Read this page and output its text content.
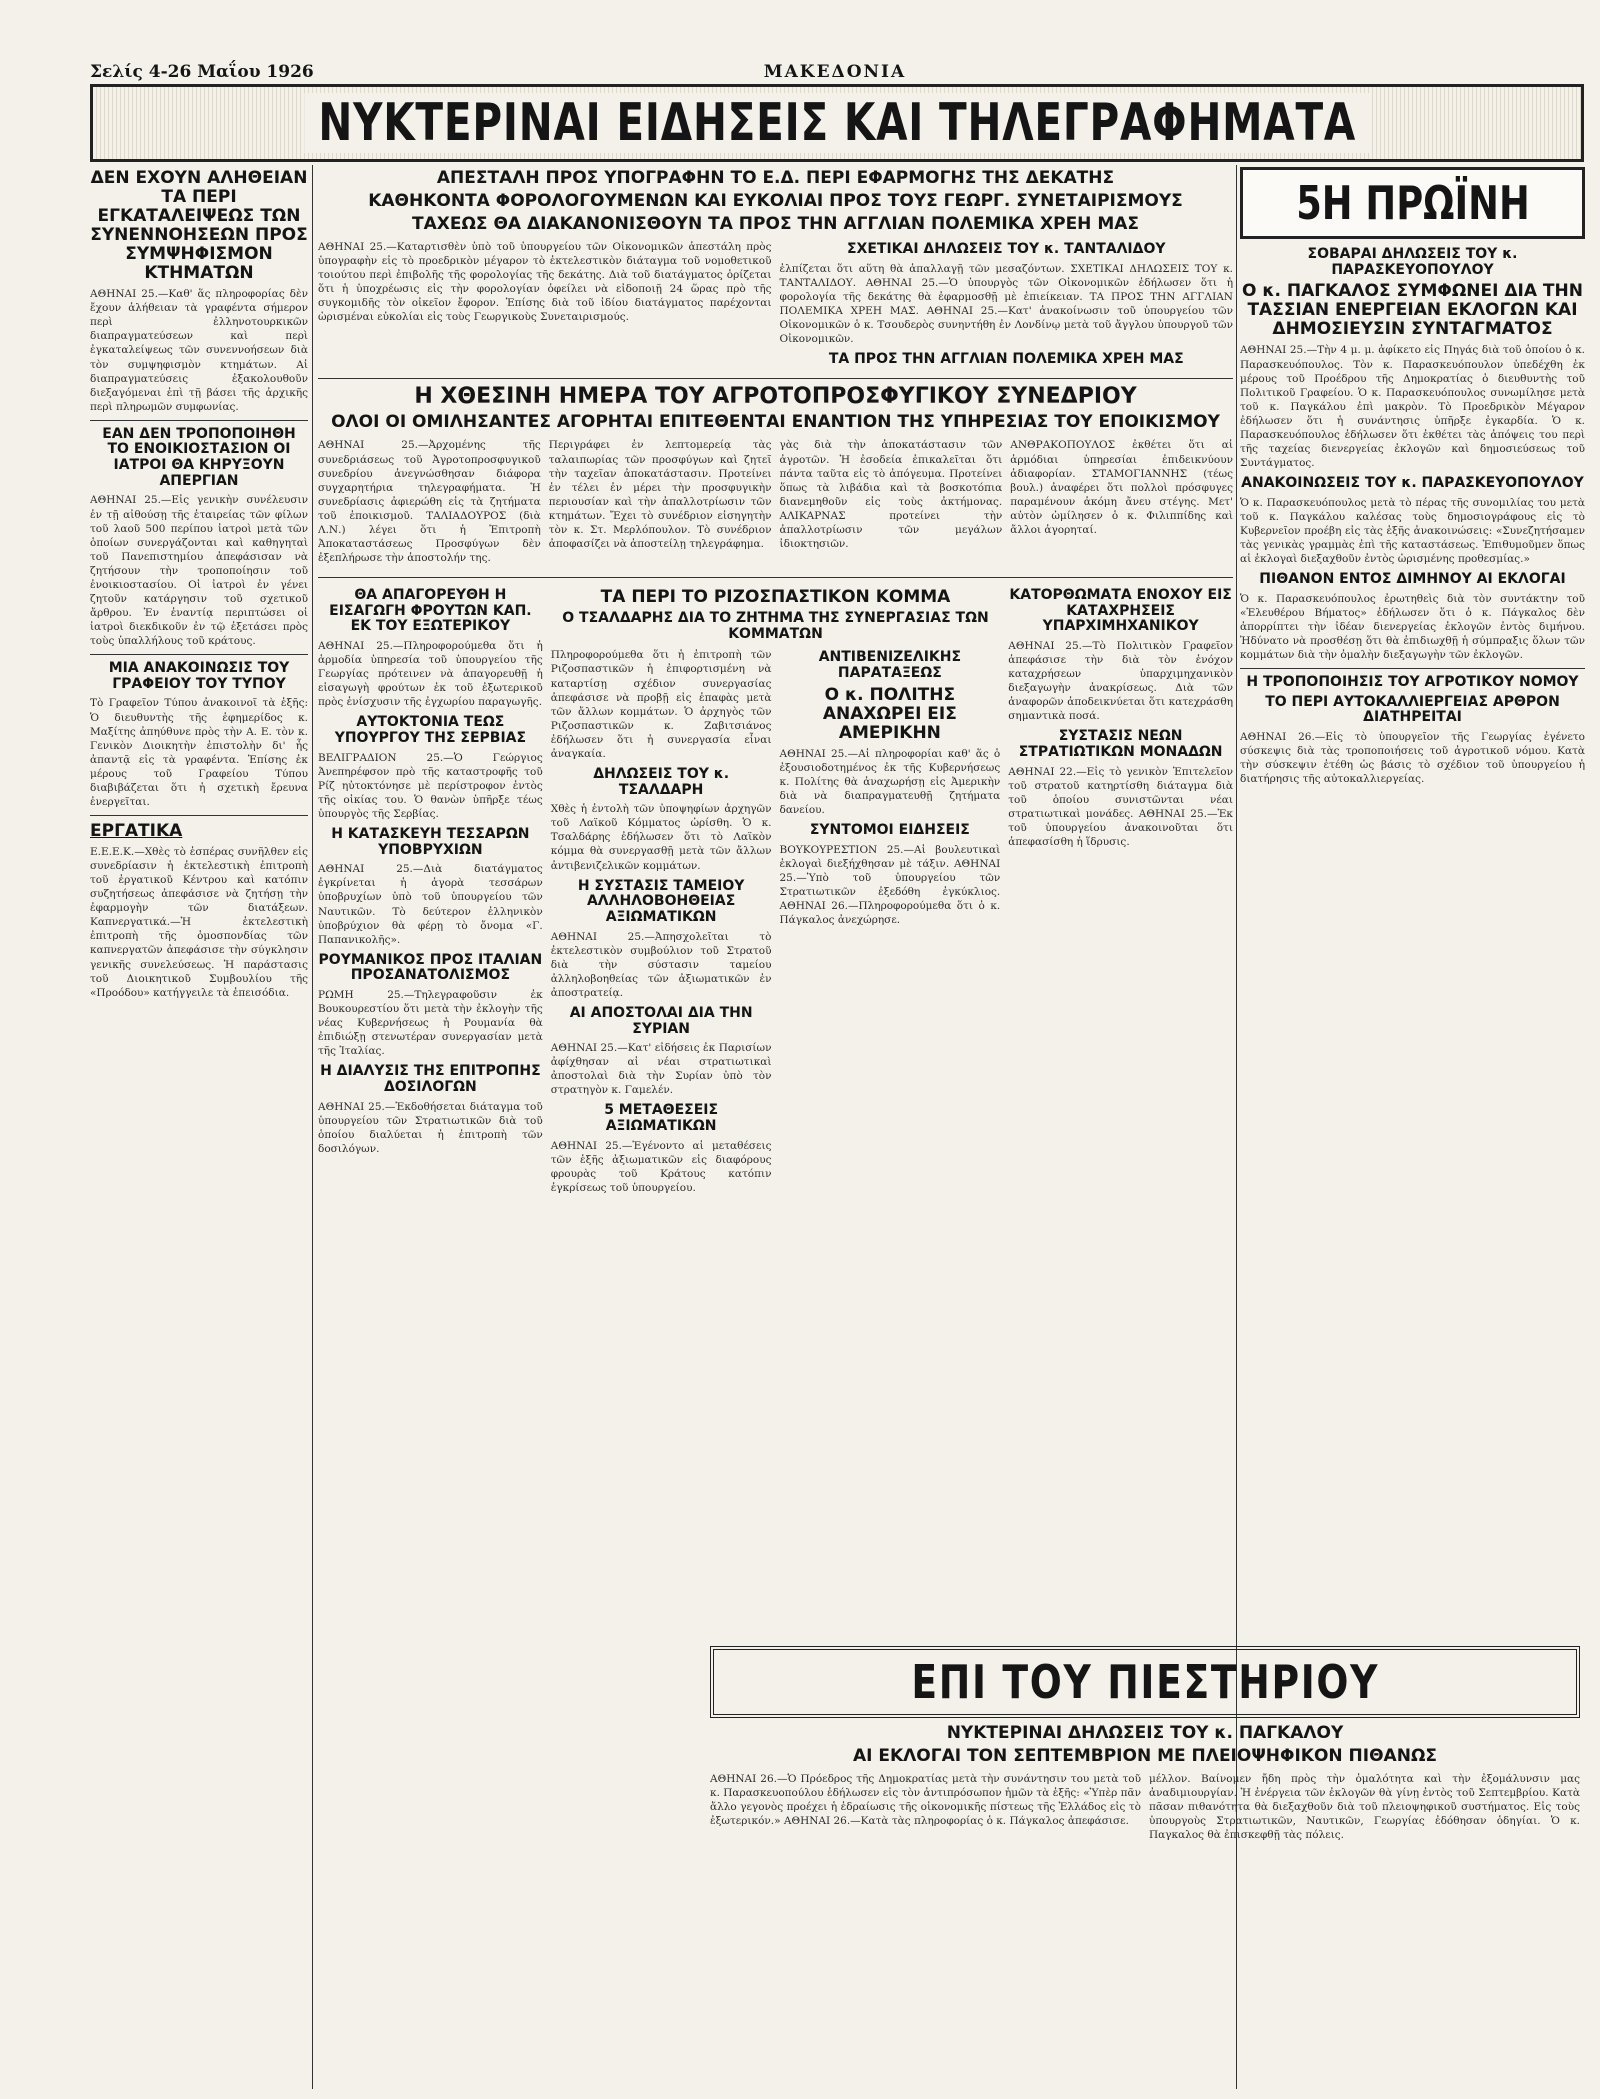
Σελίς 4-26 Μαΐου 1926	ΜΑΚΕΔΟΝΙΑ
ΝΥΚΤΕΡΙΝΑΙ ΕΙΔΗΣΕΙΣ ΚΑΙ ΤΗΛΕΓΡΑΦΗΜΑΤΑ
ΔΕΝ ΕΧΟΥΝ ΑΛΗΘΕΙΑΝ ΤΑ ΠΕΡΙ ΕΓΚΑΤΑΛΕΙΨΕΩΣ ΤΩΝ ΣΥΝΕΝΝΟΗΣΕΩΝ ΠΡΟΣ ΣΥΜΨΗΦΙΣΜΟΝ ΚΤΗΜΑΤΩΝ
ΑΘΗΝΑΙ 25.—Καθ' ἅς πληροφορίας δὲν ἔχουν ἀλήθειαν τὰ γραφέντα σήμερον περὶ ἐλληνοτουρκικῶν διαπραγματεύσεων καὶ περὶ ἐγκαταλείψεως τῶν συνεννοήσεων διὰ τὸν συμψηφισμὸν κτημάτων. Αἱ διαπραγματεύσεις ἐξακολουθοῦν διεξαγόμεναι ἐπὶ τῇ βάσει τῆς ἀρχικῆς περὶ πληρωμῶν συμφωνίας.
ΕΑΝ ΔΕΝ ΤΡΟΠΟΠΟΙΗΘΗ ΤΟ ΕΝΟΙΚΙΟΣΤΑΣΙΟΝ ΟΙ ΙΑΤΡΟΙ ΘΑ ΚΗΡΥΞΟΥΝ ΑΠΕΡΓΙΑΝ
ΑΘΗΝΑΙ 25.—Εἰς γενικὴν συνέλευσιν ἐν τῇ αἰθούσῃ τῆς ἑταιρείας τῶν φίλων τοῦ λαοῦ 500 περίπου ἰατροὶ μετὰ τῶν ὁποίων συνεργάζονται καὶ καθηγηταὶ τοῦ Πανεπιστημίου ἀπεφάσισαν νὰ ζητήσουν τὴν τροποποίησιν τοῦ ἐνοικιοστασίου. Οἱ ἰατροὶ ἐν γένει ζητοῦν κατάργησιν τοῦ σχετικοῦ ἄρθρου. Ἐν ἐναντίᾳ περιπτώσει οἱ ἰατροὶ διεκδικοῦν ἐν τῷ ἐξετάσει πρὸς τοὺς ὑπαλλήλους τοῦ κράτους.
ΜΙΑ ΑΝΑΚΟΙΝΩΣΙΣ ΤΟΥ ΓΡΑΦΕΙΟΥ ΤΟΥ ΤΥΠΟΥ
Τὸ Γραφεῖον Τύπου ἀνακοινοῖ τὰ ἑξῆς: Ὁ διευθυντὴς τῆς ἐφημερίδος κ. Μαξίτης ἀπηύθυνε πρὸς τὴν Α. Ε. τὸν κ. Γενικὸν Διοικητὴν ἐπιστολὴν δι' ἧς ἀπαντᾷ εἰς τὰ γραφέντα. Ἐπίσης ἐκ μέρους τοῦ Γραφείου Τύπου διαβιβάζεται ὅτι ἡ σχετικὴ ἔρευνα ἐνεργεῖται.
ΕΡΓΑΤΙΚΑ
Ε.Ε.Ε.Κ.—Χθὲς τὸ ἑσπέρας συνῆλθεν εἰς συνεδρίασιν ἡ ἐκτελεστικὴ ἐπιτροπὴ τοῦ ἐργατικοῦ Κέντρου καὶ κατόπιν συζητήσεως ἀπεφάσισε νὰ ζητήσῃ τὴν ἐφαρμογὴν τῶν διατάξεων. Καπνεργατικά.—Ἡ ἐκτελεστικὴ ἐπιτροπὴ τῆς ὁμοσπονδίας τῶν καπνεργατῶν ἀπεφάσισε τὴν σύγκλησιν γενικῆς συνελεύσεως. Ἡ παράστασις τοῦ Διοικητικοῦ Συμβουλίου τῆς «Προόδου» κατήγγειλε τὰ ἐπεισόδια.
ΑΠΕΣΤΑΛΗ ΠΡΟΣ ΥΠΟΓΡΑΦΗΝ ΤΟ Ε.Δ. ΠΕΡΙ ΕΦΑΡΜΟΓΗΣ ΤΗΣ ΔΕΚΑΤΗΣ
ΚΑΘΗΚΟΝΤΑ ΦΟΡΟΛΟΓΟΥΜΕΝΩΝ ΚΑΙ ΕΥΚΟΛΙΑΙ ΠΡΟΣ ΤΟΥΣ ΓΕΩΡΓ. ΣΥΝΕΤΑΙΡΙΣΜΟΥΣ
ΤΑΧΕΩΣ ΘΑ ΔΙΑΚΑΝΟΝΙΣΘΟΥΝ ΤΑ ΠΡΟΣ ΤΗΝ ΑΓΓΛΙΑΝ ΠΟΛΕΜΙΚΑ ΧΡΕΗ ΜΑΣ
ΑΘΗΝΑΙ 25.—Καταρτισθὲν ὑπὸ τοῦ ὑπουργείου τῶν Οἰκονομικῶν ἀπεστάλη πρὸς ὑπογραφὴν εἰς τὸ προεδρικὸν μέγαρον τὸ ἐκτελεστικὸν διάταγμα τοῦ νομοθετικοῦ τοιούτου περὶ ἐπιβολῆς τῆς φορολογίας τῆς δεκάτης. Διὰ τοῦ διατάγματος ὁρίζεται ὅτι ἡ ὑποχρέωσις εἰς τὴν φορολογίαν ὀφείλει νὰ εἰδοποιῇ 24 ὥρας πρὸ τῆς συγκομιδῆς τὸν οἰκεῖον ἔφορον. Ἐπίσης διὰ τοῦ ἰδίου διατάγματος παρέχονται ὡρισμέναι εὐκολίαι εἰς τοὺς Γεωργικοὺς Συνεταιρισμούς.
ΣΧΕΤΙΚΑΙ ΔΗΛΩΣΕΙΣ ΤΟΥ κ. ΤΑΝΤΑΛΙΔΟΥ
ἐλπίζεται ὅτι αὕτη θὰ ἀπαλλαγῇ τῶν μεσαζόντων. ΣΧΕΤΙΚΑΙ ΔΗΛΩΣΕΙΣ ΤΟΥ κ. ΤΑΝΤΑΛΙΔΟΥ. ΑΘΗΝΑΙ 25.—Ὁ ὑπουργὸς τῶν Οἰκονομικῶν ἐδήλωσεν ὅτι ἡ φορολογία τῆς δεκάτης θὰ ἐφαρμοσθῇ μὲ ἐπιείκειαν. ΤΑ ΠΡΟΣ ΤΗΝ ΑΓΓΛΙΑΝ ΠΟΛΕΜΙΚΑ ΧΡΕΗ ΜΑΣ. ΑΘΗΝΑΙ 25.—Κατ' ἀνακοίνωσιν τοῦ ὑπουργείου τῶν Οἰκονομικῶν ὁ κ. Τσουδερὸς συνηντήθη ἐν Λονδίνῳ μετὰ τοῦ ἄγγλου ὑπουργοῦ τῶν Οἰκονομικῶν.
ΤΑ ΠΡΟΣ ΤΗΝ ΑΓΓΛΙΑΝ ΠΟΛΕΜΙΚΑ ΧΡΕΗ ΜΑΣ
Η ΧΘΕΣΙΝΗ ΗΜΕΡΑ ΤΟΥ ΑΓΡΟΤΟΠΡΟΣΦΥΓΙΚΟΥ ΣΥΝΕΔΡΙΟΥ
ΟΛΟΙ ΟΙ ΟΜΙΛΗΣΑΝΤΕΣ ΑΓΟΡΗΤΑΙ ΕΠΙΤΕΘΕΝΤΑΙ ΕΝΑΝΤΙΟΝ ΤΗΣ ΥΠΗΡΕΣΙΑΣ ΤΟΥ ΕΠΟΙΚΙΣΜΟΥ
ΑΘΗΝΑΙ 25.—Ἀρχομένης τῆς συνεδριάσεως τοῦ Ἀγροτοπροσφυγικοῦ συνεδρίου ἀνεγνώσθησαν διάφορα συγχαρητήρια τηλεγραφήματα. Ἡ συνεδρίασις ἀφιερώθη εἰς τὰ ζητήματα τοῦ ἐποικισμοῦ. ΤΑΛΙΑΔΟΥΡΟΣ (διὰ Λ.Ν.) λέγει ὅτι ἡ Ἐπιτροπὴ Ἀποκαταστάσεως Προσφύγων δὲν ἐξεπλήρωσε τὴν ἀποστολήν της.
Περιγράφει ἐν λεπτομερείᾳ τὰς ταλαιπωρίας τῶν προσφύγων καὶ ζητεῖ τὴν ταχεῖαν ἀποκατάστασιν. Προτείνει ἐν τέλει ἐν μέρει τὴν προσφυγικὴν περιουσίαν καὶ τὴν ἀπαλλοτρίωσιν τῶν κτημάτων. Ἔχει τὸ συνέδριον εἰσηγητὴν τὸν κ. Στ. Μερλόπουλον. Τὸ συνέδριον ἀποφασίζει νὰ ἀποστείλῃ τηλεγράφημα.
γὰς διὰ τὴν ἀποκατάστασιν τῶν ἀγροτῶν. Ἡ ἐσοδεία ἐπικαλεῖται ὅτι πάντα ταῦτα εἰς τὸ ἀπόγευμα. Προτείνει ὅπως τὰ λιβάδια καὶ τὰ βοσκοτόπια διανεμηθοῦν εἰς τοὺς ἀκτήμονας. ΑΛΙΚΑΡΝΑΣ προτείνει τὴν ἀπαλλοτρίωσιν τῶν μεγάλων ἰδιοκτησιῶν.
ΑΝΘΡΑΚΟΠΟΥΛΟΣ ἐκθέτει ὅτι αἱ ἀρμόδιαι ὑπηρεσίαι ἐπιδεικνύουν ἀδιαφορίαν. ΣΤΑΜΟΓΙΑΝΝΗΣ (τέως βουλ.) ἀναφέρει ὅτι πολλοὶ πρόσφυγες παραμένουν ἀκόμη ἄνευ στέγης. Μετ' αὐτὸν ὡμίλησεν ὁ κ. Φιλιππίδης καὶ ἄλλοι ἀγορηταί.
ΘΑ ΑΠΑΓΟΡΕΥΘΗ Η ΕΙΣΑΓΩΓΗ ΦΡΟΥΤΩΝ ΚΑΠ. ΕΚ ΤΟΥ ΕΞΩΤΕΡΙΚΟΥ
ΑΘΗΝΑΙ 25.—Πληροφορούμεθα ὅτι ἡ ἁρμοδία ὑπηρεσία τοῦ ὑπουργείου τῆς Γεωργίας πρότεινεν νὰ ἀπαγορευθῇ ἡ εἰσαγωγὴ φρούτων ἐκ τοῦ ἐξωτερικοῦ πρὸς ἐνίσχυσιν τῆς ἐγχωρίου παραγωγῆς.
ΑΥΤΟΚΤΟΝΙΑ ΤΕΩΣ ΥΠΟΥΡΓΟΥ ΤΗΣ ΣΕΡΒΙΑΣ
ΒΕΛΙΓΡΑΔΙΟΝ 25.—Ὁ Γεώργιος Ἀνεπηρέφσον πρὸ τῆς καταστροφῆς τοῦ Ρίζ ηὐτοκτόνησε μὲ περίστροφον ἐντὸς τῆς οἰκίας του. Ὁ θανὼν ὑπῆρξε τέως ὑπουργὸς τῆς Σερβίας.
Η ΚΑΤΑΣΚΕΥΗ ΤΕΣΣΑΡΩΝ ΥΠΟΒΡΥΧΙΩΝ
ΑΘΗΝΑΙ 25.—Διὰ διατάγματος ἐγκρίνεται ἡ ἀγορὰ τεσσάρων ὑποβρυχίων ὑπὸ τοῦ ὑπουργείου τῶν Ναυτικῶν. Τὸ δεύτερον ἐλληνικὸν ὑποβρύχιον θὰ φέρῃ τὸ ὄνομα «Γ. Παπανικολῆς».
ΡΟΥΜΑΝΙΚΟΣ ΠΡΟΣ ΙΤΑΛΙΑΝ ΠΡΟΣΑΝΑΤΟΛΙΣΜΟΣ
ΡΩΜΗ 25.—Τηλεγραφοῦσιν ἐκ Βουκουρεστίου ὅτι μετὰ τὴν ἐκλογὴν τῆς νέας Κυβερνήσεως ἡ Ρουμανία θὰ ἐπιδιώξῃ στενωτέραν συνεργασίαν μετὰ τῆς Ἰταλίας.
Η ΔΙΑΛΥΣΙΣ ΤΗΣ ΕΠΙΤΡΟΠΗΣ ΔΟΣΙΛΟΓΩΝ
ΑΘΗΝΑΙ 25.—Ἐκδοθήσεται διάταγμα τοῦ ὑπουργείου τῶν Στρατιωτικῶν διὰ τοῦ ὁποίου διαλύεται ἡ ἐπιτροπὴ τῶν δοσιλόγων.
ΤΑ ΠΕΡΙ ΤΟ ΡΙΖΟΣΠΑΣΤΙΚΟΝ ΚΟΜΜΑ
Ο ΤΣΑΛΔΑΡΗΣ ΔΙΑ ΤΟ ΖΗΤΗΜΑ ΤΗΣ ΣΥΝΕΡΓΑΣΙΑΣ ΤΩΝ ΚΟΜΜΑΤΩΝ
Πληροφορούμεθα ὅτι ἡ ἐπιτροπὴ τῶν Ριζοσπαστικῶν ἡ ἐπιφορτισμένη νὰ καταρτίσῃ σχέδιον συνεργασίας ἀπεφάσισε νὰ προβῇ εἰς ἐπαφὰς μετὰ τῶν ἄλλων κομμάτων. Ὁ ἀρχηγὸς τῶν Ριζοσπαστικῶν κ. Ζαβιτσιάνος ἐδήλωσεν ὅτι ἡ συνεργασία εἶναι ἀναγκαία.
ΔΗΛΩΣΕΙΣ ΤΟΥ κ. ΤΣΑΛΔΑΡΗ
Χθὲς ἡ ἐντολὴ τῶν ὑποψηφίων ἀρχηγῶν τοῦ Λαϊκοῦ Κόμματος ὡρίσθη. Ὁ κ. Τσαλδάρης ἐδήλωσεν ὅτι τὸ Λαϊκὸν κόμμα θὰ συνεργασθῇ μετὰ τῶν ἄλλων ἀντιβενιζελικῶν κομμάτων.
Η ΣΥΣΤΑΣΙΣ ΤΑΜΕΙΟΥ ΑΛΛΗΛΟΒΟΗΘΕΙΑΣ ΑΞΙΩΜΑΤΙΚΩΝ
ΑΘΗΝΑΙ 25.—Ἀπησχολεῖται τὸ ἐκτελεστικὸν συμβούλιον τοῦ Στρατοῦ διὰ τὴν σύστασιν ταμείου ἀλληλοβοηθείας τῶν ἀξιωματικῶν ἐν ἀποστρατείᾳ.
ΑΙ ΑΠΟΣΤΟΛΑΙ ΔΙΑ ΤΗΝ ΣΥΡΙΑΝ
ΑΘΗΝΑΙ 25.—Κατ' εἰδήσεις ἐκ Παρισίων ἀφίχθησαν αἱ νέαι στρατιωτικαὶ ἀποστολαὶ διὰ τὴν Συρίαν ὑπὸ τὸν στρατηγὸν κ. Γαμελέν.
5 ΜΕΤΑΘΕΣΕΙΣ ΑΞΙΩΜΑΤΙΚΩΝ
ΑΘΗΝΑΙ 25.—Ἐγένοντο αἱ μεταθέσεις τῶν ἑξῆς ἀξιωματικῶν εἰς διαφόρους φρουρὰς τοῦ Κράτους κατόπιν ἐγκρίσεως τοῦ ὑπουργείου.
ΑΝΤΙΒΕΝΙΖΕΛΙΚΗΣ ΠΑΡΑΤΑΞΕΩΣ
Ο κ. ΠΟΛΙΤΗΣ ΑΝΑΧΩΡΕΙ ΕΙΣ ΑΜΕΡΙΚΗΝ
ΑΘΗΝΑΙ 25.—Αἱ πληροφορίαι καθ' ἅς ὁ ἐξουσιοδοτημένος ἐκ τῆς Κυβερνήσεως κ. Πολίτης θὰ ἀναχωρήσῃ εἰς Ἀμερικὴν διὰ νὰ διαπραγματευθῇ ζητήματα δανείου.
ΣΥΝΤΟΜΟΙ ΕΙΔΗΣΕΙΣ
ΒΟΥΚΟΥΡΕΣΤΙΟΝ 25.—Αἱ βουλευτικαὶ ἐκλογαὶ διεξήχθησαν μὲ τάξιν. ΑΘΗΝΑΙ 25.—Ὑπὸ τοῦ ὑπουργείου τῶν Στρατιωτικῶν ἐξεδόθη ἐγκύκλιος. ΑΘΗΝΑΙ 26.—Πληροφορούμεθα ὅτι ὁ κ. Πάγκαλος ἀνεχώρησε.
ΚΑΤΟΡΘΩΜΑΤΑ ΕΝΟΧΟΥ ΕΙΣ ΚΑΤΑΧΡΗΣΕΙΣ ΥΠΑΡΧΙΜΗΧΑΝΙΚΟΥ
ΑΘΗΝΑΙ 25.—Τὸ Πολιτικὸν Γραφεῖον ἀπεφάσισε τὴν διὰ τὸν ἐνόχον καταχρήσεων ὑπαρχιμηχανικὸν διεξαγωγὴν ἀνακρίσεως. Διὰ τῶν ἀναφορῶν ἀποδεικνύεται ὅτι κατεχράσθη σημαντικὰ ποσά.
ΣΥΣΤΑΣΙΣ ΝΕΩΝ ΣΤΡΑΤΙΩΤΙΚΩΝ ΜΟΝΑΔΩΝ
ΑΘΗΝΑΙ 22.—Εἰς τὸ γενικὸν Ἐπιτελεῖον τοῦ στρατοῦ κατηρτίσθη διάταγμα διὰ τοῦ ὁποίου συνιστῶνται νέαι στρατιωτικαὶ μονάδες. ΑΘΗΝΑΙ 25.—Ἐκ τοῦ ὑπουργείου ἀνακοινοῦται ὅτι ἀπεφασίσθη ἡ ἵδρυσις.
5Η ΠΡΩΪΝΗ
ΣΟΒΑΡΑΙ ΔΗΛΩΣΕΙΣ ΤΟΥ κ. ΠΑΡΑΣΚΕΥΟΠΟΥΛΟΥ
Ο κ. ΠΑΓΚΑΛΟΣ ΣΥΜΦΩΝΕΙ ΔΙΑ ΤΗΝ ΤΑΣΣΙΑΝ ΕΝΕΡΓΕΙΑΝ ΕΚΛΟΓΩΝ ΚΑΙ ΔΗΜΟΣΙΕΥΣΙΝ ΣΥΝΤΑΓΜΑΤΟΣ
ΑΘΗΝΑΙ 25.—Τὴν 4 μ. μ. ἀφίκετο εἰς Πηγάς διὰ τοῦ ὁποίου ὁ κ. Παρασκευόπουλος. Τὸν κ. Παρασκευόπουλον ὑπεδέχθη ἐκ μέρους τοῦ Προέδρου τῆς Δημοκρατίας ὁ διευθυντὴς τοῦ Πολιτικοῦ Γραφείου. Ὁ κ. Παρασκευόπουλος συνωμίλησε μετὰ τοῦ κ. Παγκάλου ἐπὶ μακρὸν. Τὸ Προεδρικὸν Μέγαρον ἐδήλωσεν ὅτι ἡ συνάντησις ὑπῆρξε ἐγκαρδία. Ὁ κ. Παρασκευόπουλος ἐδήλωσεν ὅτι ἐκθέτει τὰς ἀπόψεις του περὶ τῆς ταχείας διενεργείας ἐκλογῶν καὶ δημοσιεύσεως τοῦ Συντάγματος.
ΑΝΑΚΟΙΝΩΣΕΙΣ ΤΟΥ κ. ΠΑΡΑΣΚΕΥΟΠΟΥΛΟΥ
Ὁ κ. Παρασκευόπουλος μετὰ τὸ πέρας τῆς συνομιλίας του μετὰ τοῦ κ. Παγκάλου καλέσας τοὺς δημοσιογράφους εἰς τὸ Κυβερνεῖον προέβη εἰς τὰς ἑξῆς ἀνακοινώσεις: «Συνεζητήσαμεν τὰς γενικὰς γραμμὰς ἐπὶ τῆς καταστάσεως. Ἐπιθυμοῦμεν ὅπως αἱ ἐκλογαὶ διεξαχθοῦν ἐντὸς ὡρισμένης προθεσμίας.»
ΠΙΘΑΝΟΝ ΕΝΤΟΣ ΔΙΜΗΝΟΥ ΑΙ ΕΚΛΟΓΑΙ
Ὁ κ. Παρασκευόπουλος ἐρωτηθεὶς διὰ τὸν συντάκτην τοῦ «Ἐλευθέρου Βήματος» ἐδήλωσεν ὅτι ὁ κ. Πάγκαλος δὲν ἀπορρίπτει τὴν ἰδέαν διενεργείας ἐκλογῶν ἐντὸς διμήνου. Ἠδύνατο νὰ προσθέσῃ ὅτι θὰ ἐπιδιωχθῇ ἡ σύμπραξις ὅλων τῶν κομμάτων διὰ τὴν ὁμαλὴν διεξαγωγὴν τῶν ἐκλογῶν.
Η ΤΡΟΠΟΠΟΙΗΣΙΣ ΤΟΥ ΑΓΡΟΤΙΚΟΥ ΝΟΜΟΥ
ΤΟ ΠΕΡΙ ΑΥΤΟΚΑΛΛΙΕΡΓΕΙΑΣ ΑΡΘΡΟΝ ΔΙΑΤΗΡΕΙΤΑΙ
ΑΘΗΝΑΙ 26.—Εἰς τὸ ὑπουργεῖον τῆς Γεωργίας ἐγένετο σύσκεψις διὰ τὰς τροποποιήσεις τοῦ ἀγροτικοῦ νόμου. Κατὰ τὴν σύσκεψιν ἐτέθη ὡς βάσις τὸ σχέδιον τοῦ ὑπουργείου ἡ διατήρησις τῆς αὐτοκαλλιεργείας.
ΕΠΙ ΤΟΥ ΠΙΕΣΤΗΡΙΟΥ
ΝΥΚΤΕΡΙΝΑΙ ΔΗΛΩΣΕΙΣ ΤΟΥ κ. ΠΑΓΚΑΛΟΥ
ΑΙ ΕΚΛΟΓΑΙ ΤΟΝ ΣΕΠΤΕΜΒΡΙΟΝ ΜΕ ΠΛΕΙΟΨΗΦΙΚΟΝ ΠΙΘΑΝΩΣ
ΑΘΗΝΑΙ 26.—Ὁ Πρόεδρος τῆς Δημοκρατίας μετὰ τὴν συνάντησιν του μετὰ τοῦ κ. Παρασκευοπούλου ἐδήλωσεν εἰς τὸν ἀντιπρόσωπον ἡμῶν τὰ ἑξῆς: «Ὑπὲρ πᾶν ἄλλο γεγονὸς προέχει ἡ ἐδραίωσις τῆς οἰκονομικῆς πίστεως τῆς Ἑλλάδος εἰς τὸ ἐξωτερικόν.» ΑΘΗΝΑΙ 26.—Κατὰ τὰς πληροφορίας ὁ κ. Πάγκαλος ἀπεφάσισε.
μέλλον. Βαίνομεν ἤδη πρὸς τὴν ὁμαλότητα καὶ τὴν ἐξομάλυνσιν μας ἀναδιμιουργίαν. Ἡ ἐνέργεια τῶν ἐκλογῶν θὰ γίνῃ ἐντὸς τοῦ Σεπτεμβρίου. Κατὰ πᾶσαν πιθανότητα θὰ διεξαχθοῦν διὰ τοῦ πλειοψηφικοῦ συστήματος. Εἰς τοὺς ὑπουργοὺς Στρατιωτικῶν, Ναυτικῶν, Γεωργίας ἐδόθησαν ὁδηγίαι. Ὁ κ. Παγκαλος θὰ ἐπισκεφθῇ τὰς πόλεις.
